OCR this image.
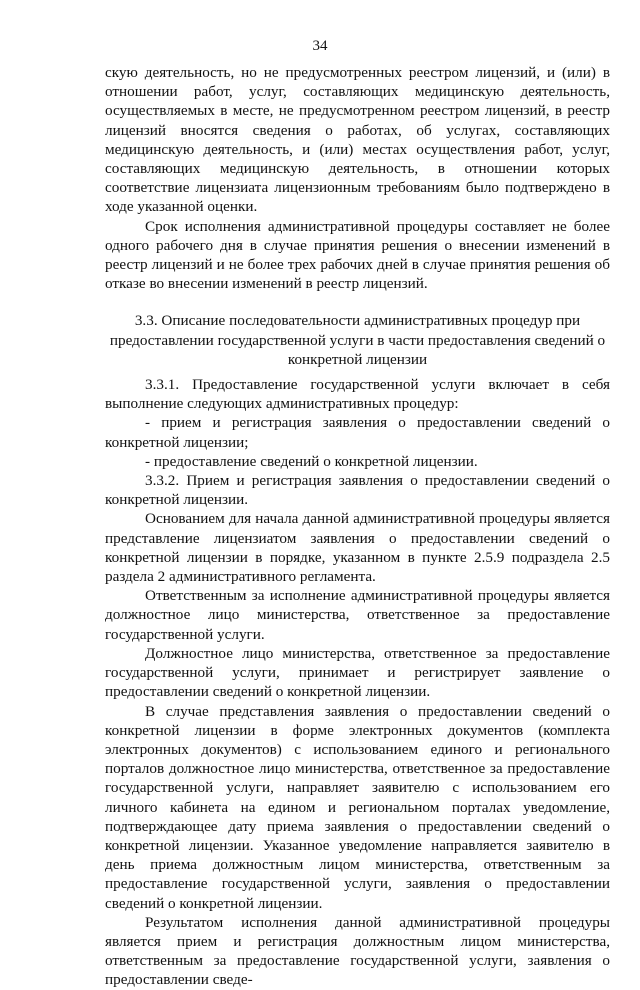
34

скую деятельность, но не предусмотренных реестром лицензий, и (или) в отношении работ, услуг, составляющих медицинскую деятельность, осуществляемых в месте, не предусмотренном реестром лицензий, в реестр лицензий вносятся сведения о работах, об услугах, составляющих медицинскую деятельность, и (или) местах осуществления работ, услуг, составляющих медицинскую деятельность, в отношении которых соответствие лицензиата лицензионным требованиям было подтверждено в ходе указанной оценки.

Срок исполнения административной процедуры составляет не более одного рабочего дня в случае принятия решения о внесении изменений в реестр лицензий и не более трех рабочих дней в случае принятия решения об отказе во внесении изменений в реестр лицензий.

3.3. Описание последовательности административных процедур при предоставлении государственной услуги в части предоставления сведений о конкретной лицензии

3.3.1. Предоставление государственной услуги включает в себя выполнение следующих административных процедур:

- прием и регистрация заявления о предоставлении сведений о конкретной лицензии;

- предоставление сведений о конкретной лицензии.

3.3.2. Прием и регистрация заявления о предоставлении сведений о конкретной лицензии.

Основанием для начала данной административной процедуры является представление лицензиатом заявления о предоставлении сведений о конкретной лицензии в порядке, указанном в пункте 2.5.9 подраздела 2.5 раздела 2 административного регламента.

Ответственным за исполнение административной процедуры является должностное лицо министерства, ответственное за предоставление государственной услуги.

Должностное лицо министерства, ответственное за предоставление государственной услуги, принимает и регистрирует заявление о предоставлении сведений о конкретной лицензии.

В случае представления заявления о предоставлении сведений о конкретной лицензии в форме электронных документов (комплекта электронных документов) с использованием единого и регионального порталов должностное лицо министерства, ответственное за предоставление государственной услуги, направляет заявителю с использованием его личного кабинета на едином и региональном порталах уведомление, подтверждающее дату приема заявления о предоставлении сведений о конкретной лицензии. Указанное уведомление направляется заявителю в день приема должностным лицом министерства, ответственным за предоставление государственной услуги, заявления о предоставлении сведений о конкретной лицензии.

Результатом исполнения данной административной процедуры является прием и регистрация должностным лицом министерства, ответственным за предоставление государственной услуги, заявления о предоставлении сведе-
